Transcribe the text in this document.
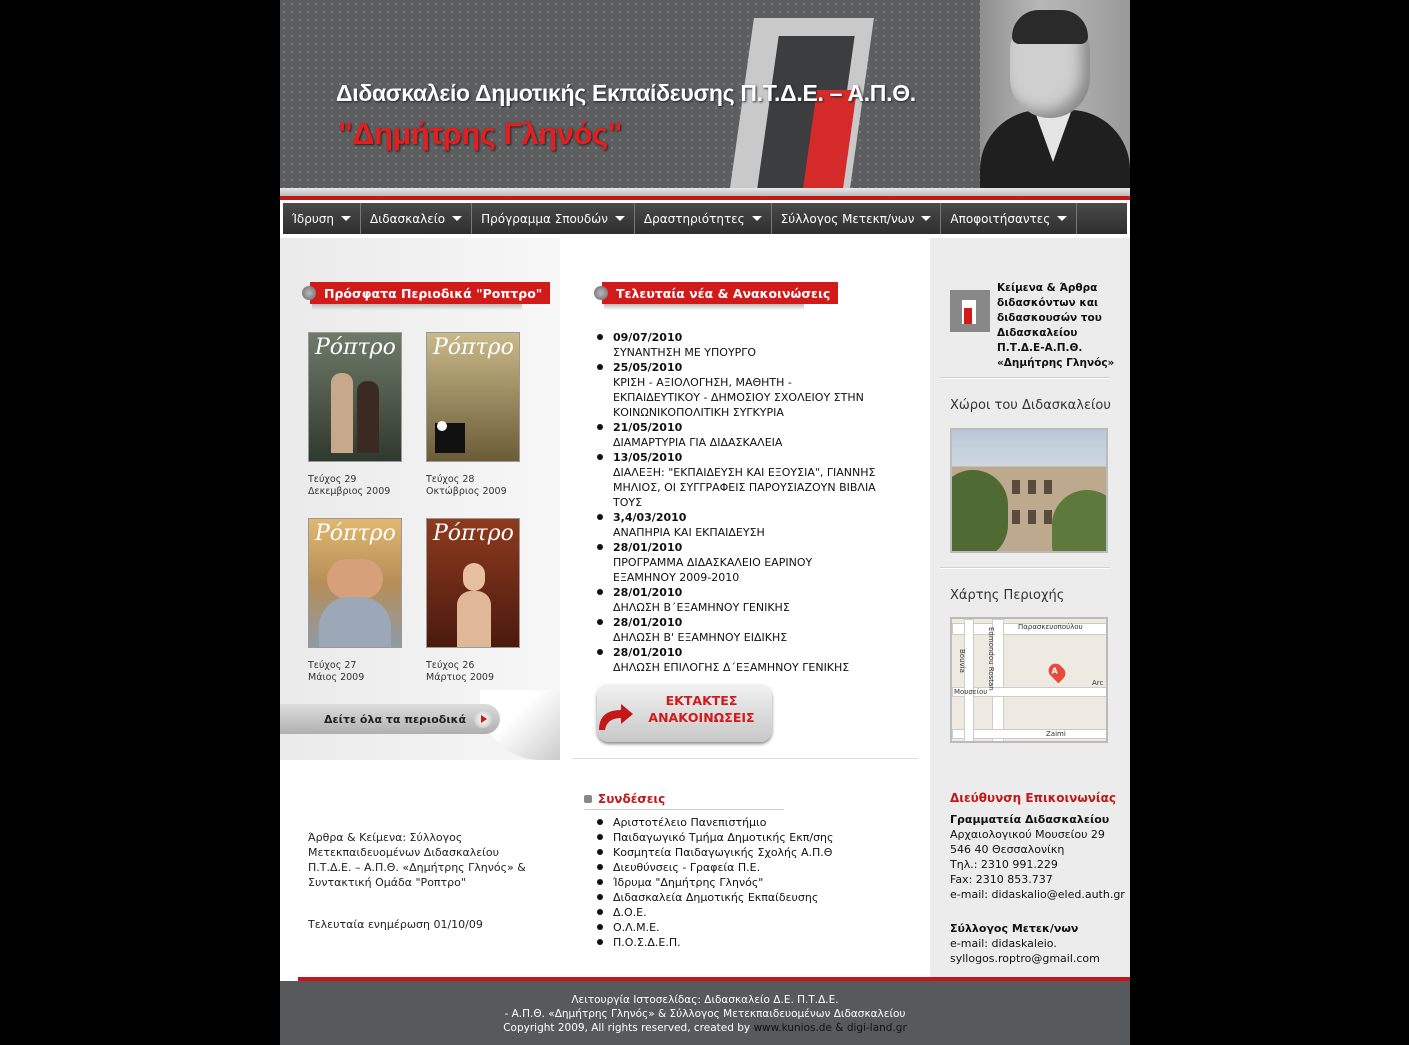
Διδασκαλείο Δημοτικής Εκπαίδευσης Π.Τ.Δ.Ε. – Α.Π.Θ.
"Δημήτρης Γληνός"
Ίδρυση	Διδασκαλείο	Πρόγραμμα Σπουδών	Δραστηριότητες	Σύλλογος Μετεκπ/νων	Αποφοιτήσαντες
Πρόσφατα Περιοδικά "Ροπτρο"
Ρόπτρο
Τεύχος 29
Δεκεμβριος 2009
Ρόπτρο
Τεύχος 28
Οκτώβριος 2009
Ρόπτρο
Τεύχος 27
Μάιος 2009
Ρόπτρο
Τεύχος 26
Μάρτιος 2009
Δείτε όλα τα περιοδικά
Άρθρα & Κείμενα: Σύλλογος Μετεκπαιδευομένων Διδασκαλείου Π.Τ.Δ.Ε. – Α.Π.Θ. «Δημήτρης Γληνός» & Συντακτική Ομάδα "Ροπτρο"
Τελευταία ενημέρωση 01/10/09
Τελευταία νέα & Ανακοινώσεις
09/07/2010
ΣΥΝΑΝΤΗΣΗ ΜΕ ΥΠΟΥΡΓΟ
25/05/2010
ΚΡΙΣΗ - ΑΞΙΟΛΟΓΗΣΗ, ΜΑΘΗΤΗ - ΕΚΠΑΙΔΕΥΤΙΚΟΥ - ΔΗΜΟΣΙΟΥ ΣΧΟΛΕΙΟΥ ΣΤΗΝ ΚΟΙΝΩΝΙΚΟΠΟΛΙΤΙΚΗ ΣΥΓΚΥΡΙΑ
21/05/2010
ΔΙΑΜΑΡΤΥΡΙΑ ΓΙΑ ΔΙΔΑΣΚΑΛΕΙΑ
13/05/2010
ΔΙΑΛΕΞΗ: "ΕΚΠΑΙΔΕΥΣΗ ΚΑΙ ΕΞΟΥΣΙΑ", ΓΙΑΝΝΗΣ ΜΗΛΙΟΣ, ΟΙ ΣΥΓΓΡΑΦΕΙΣ ΠΑΡΟΥΣΙΑΖΟΥΝ ΒΙΒΛΙΑ ΤΟΥΣ
3,4/03/2010
ΑΝΑΠΗΡΙΑ ΚΑΙ ΕΚΠΑΙΔΕΥΣΗ
28/01/2010
ΠΡΟΓΡΑΜΜΑ ΔΙΔΑΣΚΑΛΕΙΟ ΕΑΡΙΝΟΥ ΕΞΑΜΗΝΟΥ 2009-2010
28/01/2010
ΔΗΛΩΣΗ Β΄ΕΞΑΜΗΝΟΥ ΓΕΝΙΚΗΣ
28/01/2010
ΔΗΛΩΣΗ Β' ΕΞΑΜΗΝΟΥ ΕΙΔΙΚΗΣ
28/01/2010
ΔΗΛΩΣΗ ΕΠΙΛΟΓΗΣ Δ΄ΕΞΑΜΗΝΟΥ ΓΕΝΙΚΗΣ
ΕΚΤΑΚΤΕΣ
ΑΝΑΚΟΙΝΩΣΕΙΣ
Συνδέσεις
Αριστοτέλειο Πανεπιστήμιο
Παιδαγωγικό Τμήμα Δημοτικής Εκπ/σης
Κοσμητεία Παιδαγωγικής Σχολής Α.Π.Θ
Διευθύνσεις - Γραφεία Π.Ε.
Ίδρυμα "Δημήτρης Γληνός"
Διδασκαλεία Δημοτικής Εκπαίδευσης
Δ.Ο.Ε.
Ο.Λ.Μ.Ε.
Π.Ο.Σ.Δ.Ε.Π.
Κείμενα & Άρθρα διδασκόντων και διδασκουσών του Διδασκαλείου Π.Τ.Δ.Ε-Α.Π.Θ. «Δημήτρης Γληνός»
Χώροι του Διδασκαλείου
Χάρτης Περιοχής
Παρασκευοπούλου
Edmondou Rostan
Bouvia
Μουσείου
Zaimi
Arc
A
Διεύθυνση Επικοινωνίας
Γραμματεία Διδασκαλείου
Αρχαιολογικού Μουσείου 29
546 40 Θεσσαλονίκη
Τηλ.: 2310 991.229
Fax: 2310 853.737
e-mail: didaskalio@eled.auth.gr
Σύλλογος Μετεκ/νων
e-mail: didaskaleio.
syllogos.roptro@gmail.com
Λειτουργία Ιστοσελίδας: Διδασκαλείο Δ.Ε. Π.Τ.Δ.Ε.
- Α.Π.Θ. «Δημήτρης Γληνός» & Σύλλογος Μετεκπαιδευομένων Διδασκαλείου
Copyright 2009, All rights reserved, created by www.kunios.de & digi-land.gr
